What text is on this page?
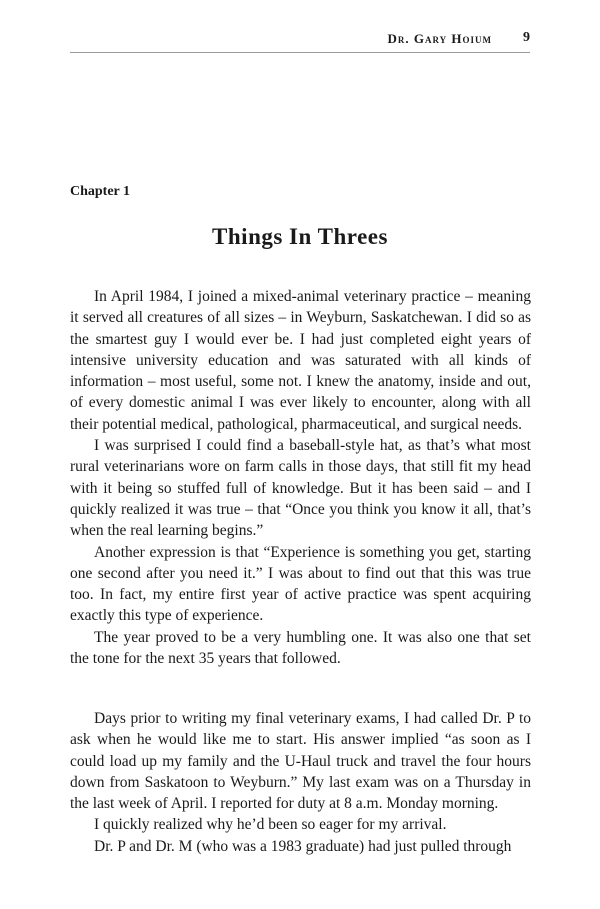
Dr. Gary Hoium 9
Chapter 1
Things In Threes

In April 1984, I joined a mixed-animal veterinary practice – meaning it served all creatures of all sizes – in Weyburn, Saskatchewan. I did so as the smartest guy I would ever be. I had just completed eight years of intensive university education and was saturated with all kinds of information – most useful, some not. I knew the anatomy, inside and out, of every domestic animal I was ever likely to encounter, along with all their potential medical, pathological, pharmaceutical, and surgical needs.

I was surprised I could find a baseball-style hat, as that’s what most rural veterinarians wore on farm calls in those days, that still fit my head with it being so stuffed full of knowledge. But it has been said – and I quickly realized it was true – that “Once you think you know it all, that’s when the real learning begins.”

Another expression is that “Experience is something you get, starting one second after you need it.” I was about to find out that this was true too. In fact, my entire first year of active practice was spent acquiring exactly this type of experience.

The year proved to be a very humbling one. It was also one that set the tone for the next 35 years that followed.

Days prior to writing my final veterinary exams, I had called Dr. P to ask when he would like me to start. His answer implied “as soon as I could load up my family and the U-Haul truck and travel the four hours down from Saskatoon to Weyburn.” My last exam was on a Thursday in the last week of April. I reported for duty at 8 a.m. Monday morning.

I quickly realized why he’d been so eager for my arrival.

Dr. P and Dr. M (who was a 1983 graduate) had just pulled through
